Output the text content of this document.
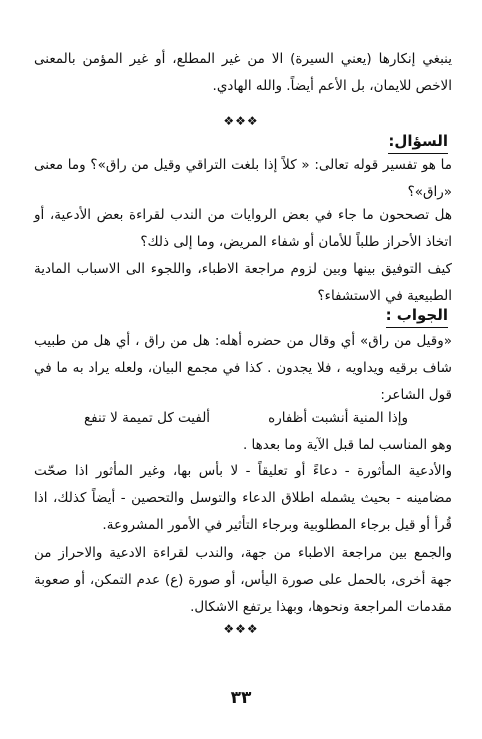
ينبغي إنكارها (يعني السيرة) الا من غير المطلع، أو غير المؤمن بالمعنى الاخص للايمان، بل الأعم أيضاً. والله الهادي.
❖❖❖
السؤال:
ما هو تفسير قوله تعالى: « كلاً إذا بلغت التراقي وقيل من راق»؟ وما معنى «راق»؟
هل تصححون ما جاء في بعض الروايات من الندب لقراءة بعض الأدعية، أو اتخاذ الأحراز طلباً للأمان أو شفاء المريض، وما إلى ذلك؟
كيف التوفيق بينها وبين لزوم مراجعة الاطباء، واللجوء الى الاسباب المادية الطبيعية في الاستشفاء؟
الجواب :
«وقيل من راق» أي وقال من حضره أهله: هل من راق ، أي هل من طبيب شاف برقيه ويداويه ، فلا يجدون . كذا في مجمع البيان، ولعله يراد به ما في قول الشاعر:
وإذا المنية أنشبت أظفاره
ألفيت كل تميمة لا تنفع
وهو المناسب لما قبل الآية وما بعدها .
والأدعية المأثورة - دعاءً أو تعليقاً - لا بأس بها، وغير المأثور اذا صحّت مضامينه - بحيث يشمله اطلاق الدعاء والتوسل والتحصين - أيضاً كذلك، اذا قُرأ أو قيل برجاء المطلوبية وبرجاء التأثير في الأمور المشروعة.
والجمع بين مراجعة الاطباء من جهة، والندب لقراءة الادعية والاحراز من جهة أخرى، بالحمل على صورة اليأس، أو صورة (ع) عدم التمكن، أو صعوبة مقدمات المراجعة ونحوها، وبهذا يرتفع الاشكال.
❖❖❖
٣٣
